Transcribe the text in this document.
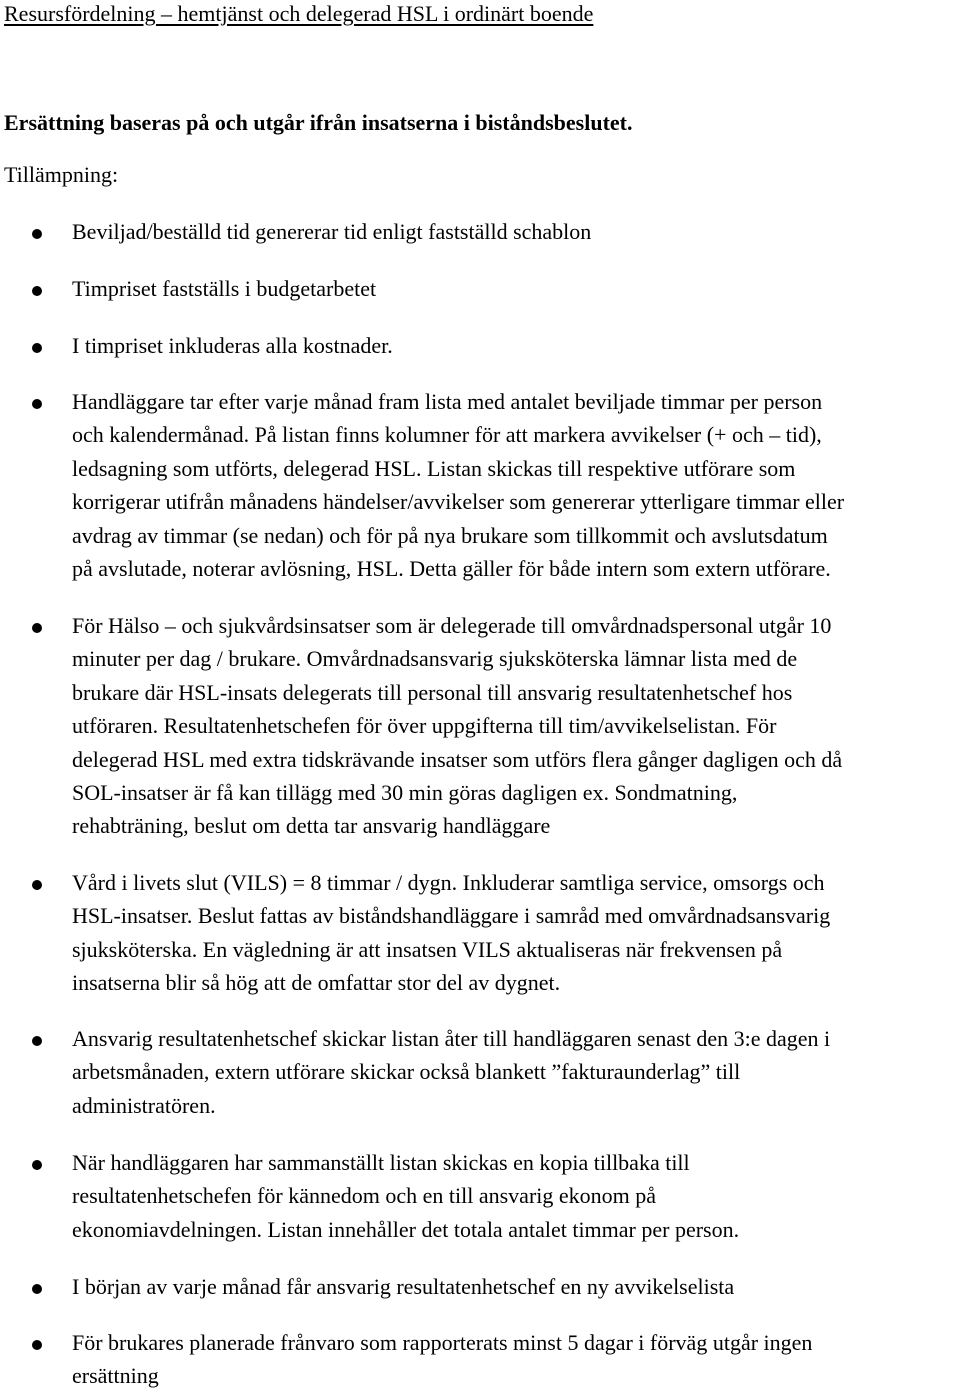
Resursfördelning – hemtjänst och delegerad HSL i ordinärt boende

Ersättning baseras på och utgår ifrån insatserna i biståndsbeslutet.

Tillämpning:

Beviljad/beställd tid genererar tid enligt fastställd schablon

Timpriset fastställs i budgetarbetet

I timpriset inkluderas alla kostnader.

Handläggare tar efter varje månad fram lista med antalet beviljade timmar per person
och kalendermånad. På listan finns kolumner för att markera avvikelser (+ och – tid),
ledsagning som utförts, delegerad HSL. Listan skickas till respektive utförare som
korrigerar utifrån månadens händelser/avvikelser som genererar ytterligare timmar eller
avdrag av timmar (se nedan) och för på nya brukare som tillkommit och avslutsdatum
på avslutade, noterar avlösning, HSL. Detta gäller för både intern som extern utförare.

För Hälso – och sjukvårdsinsatser som är delegerade till omvårdnadspersonal utgår 10
minuter per dag / brukare. Omvårdnadsansvarig sjuksköterska lämnar lista med de
brukare där HSL-insats delegerats till personal till ansvarig resultatenhetschef hos
utföraren. Resultatenhetschefen för över uppgifterna till tim/avvikelselistan. För
delegerad HSL med extra tidskrävande insatser som utförs flera gånger dagligen och då
SOL-insatser är få kan tillägg med 30 min göras dagligen ex. Sondmatning,
rehabträning, beslut om detta tar ansvarig handläggare

Vård i livets slut (VILS) = 8 timmar / dygn. Inkluderar samtliga service, omsorgs och
HSL-insatser. Beslut fattas av biståndshandläggare i samråd med omvårdnadsansvarig
sjuksköterska. En vägledning är att insatsen VILS aktualiseras när frekvensen på
insatserna blir så hög att de omfattar stor del av dygnet.

Ansvarig resultatenhetschef skickar listan åter till handläggaren senast den 3:e dagen i
arbetsmånaden, extern utförare skickar också blankett ”fakturaunderlag” till
administratören.

När handläggaren har sammanställt listan skickas en kopia tillbaka till
resultatenhetschefen för kännedom och en till ansvarig ekonom på
ekonomiavdelningen. Listan innehåller det totala antalet timmar per person.

I början av varje månad får ansvarig resultatenhetschef en ny avvikelselista

För brukares planerade frånvaro som rapporterats minst 5 dagar i förväg utgår ingen
ersättning
